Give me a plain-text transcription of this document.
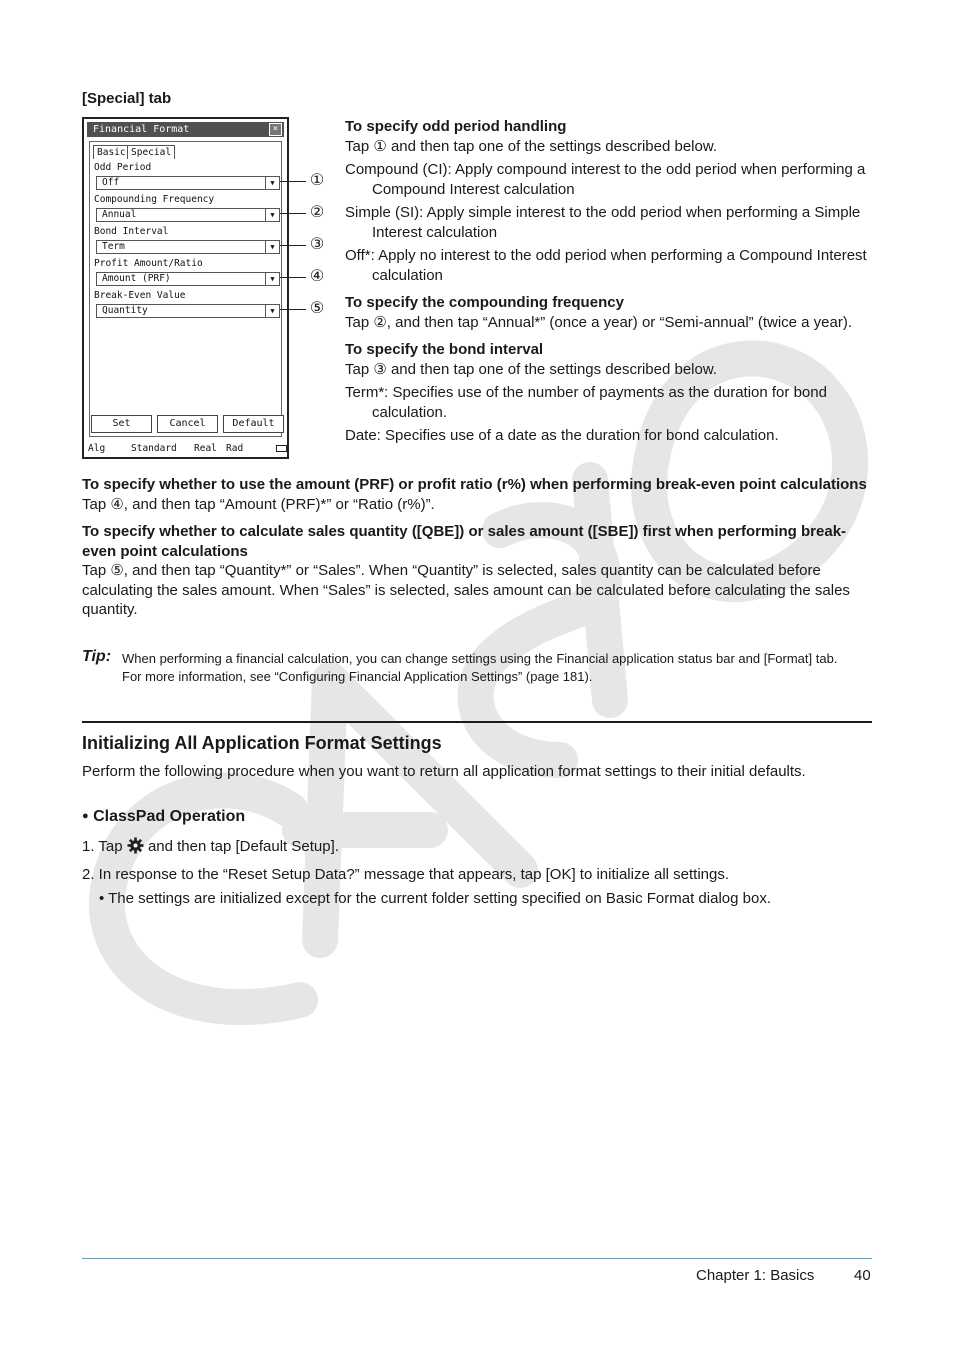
[Special] tab
Financial Format	×
Basic Special
Odd Period
Off	▼
Compounding Frequency
Annual	▼
Bond Interval
Term	▼
Profit Amount/Ratio
Amount (PRF)	▼
Break-Even Value
Quantity	▼
Set	Cancel	Default
Alg	Standard Real Rad
①
②
③
④
⑤
To specify odd period handling
Tap ① and then tap one of the settings described below.
Compound (CI): Apply compound interest to the odd period when performing a Compound Interest calculation
Simple (SI): Apply simple interest to the odd period when performing a Simple Interest calculation
Off*: Apply no interest to the odd period when performing a Compound Interest calculation
To specify the compounding frequency
Tap ②, and then tap “Annual*” (once a year) or “Semi-annual” (twice a year).
To specify the bond interval
Tap ③ and then tap one of the settings described below.
Term*: Specifies use of the number of payments as the duration for bond calculation.
Date: Specifies use of a date as the duration for bond calculation.
To specify whether to use the amount (PRF) or profit ratio (r%) when performing break-even point calculations
Tap ④, and then tap “Amount (PRF)*” or “Ratio (r%)”.
To specify whether to calculate sales quantity ([QBE]) or sales amount ([SBE]) first when performing break-even point calculations
Tap ⑤, and then tap “Quantity*” or “Sales”. When “Quantity” is selected, sales quantity can be calculated before calculating the sales amount. When “Sales” is selected, sales amount can be calculated before calculating the sales quantity.
Tip: When performing a financial calculation, you can change settings using the Financial application status bar and [Format] tab. For more information, see “Configuring Financial Application Settings” (page 181).
Initializing All Application Format Settings
Perform the following procedure when you want to return all application format settings to their initial defaults.
● ClassPad Operation
1. Tap and then tap [Default Setup].
2. In response to the “Reset Setup Data?” message that appears, tap [OK] to initialize all settings.
• The settings are initialized except for the current folder setting specified on Basic Format dialog box.
Chapter 1: Basics	40
